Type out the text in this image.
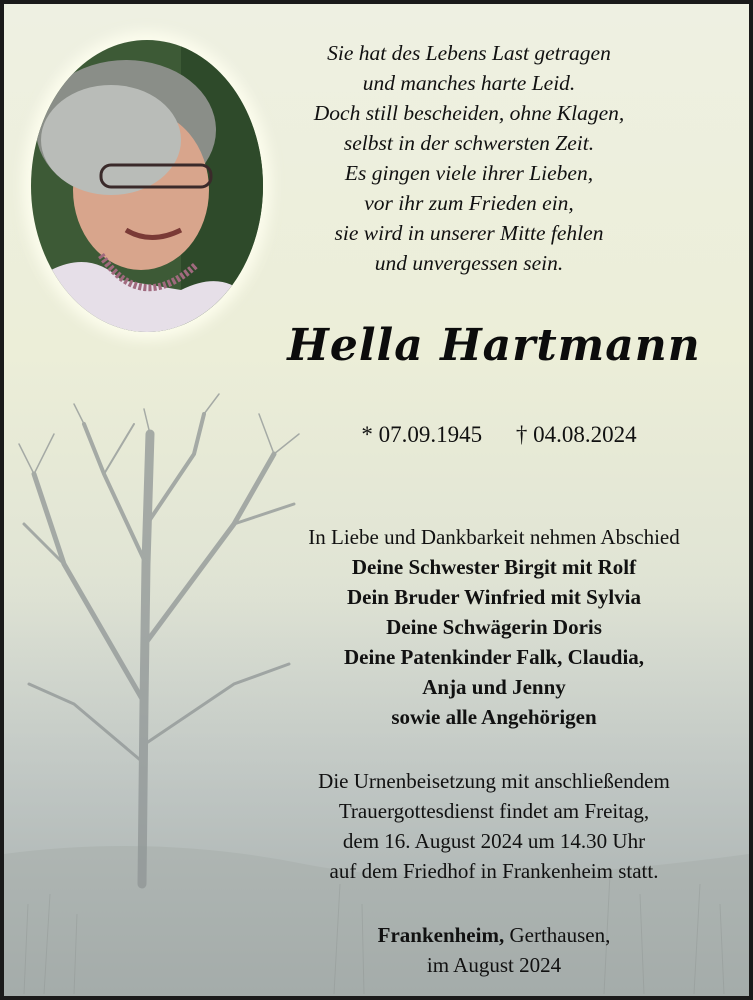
Sie hat des Lebens Last getragen
und manches harte Leid.
Doch still bescheiden, ohne Klagen,
selbst in der schwersten Zeit.
Es gingen viele ihrer Lieben,
vor ihr zum Frieden ein,
sie wird in unserer Mitte fehlen
und unvergessen sein.
Hella Hartmann
* 07.09.1945 † 04.08.2024
In Liebe und Dankbarkeit nehmen Abschied
Deine Schwester Birgit mit Rolf
Dein Bruder Winfried mit Sylvia
Deine Schwägerin Doris
Deine Patenkinder Falk, Claudia,
Anja und Jenny
sowie alle Angehörigen
Die Urnenbeisetzung mit anschließendem
Trauergottesdienst findet am Freitag,
dem 16. August 2024 um 14.30 Uhr
auf dem Friedhof in Frankenheim statt.
Frankenheim, Gerthausen,
im August 2024
